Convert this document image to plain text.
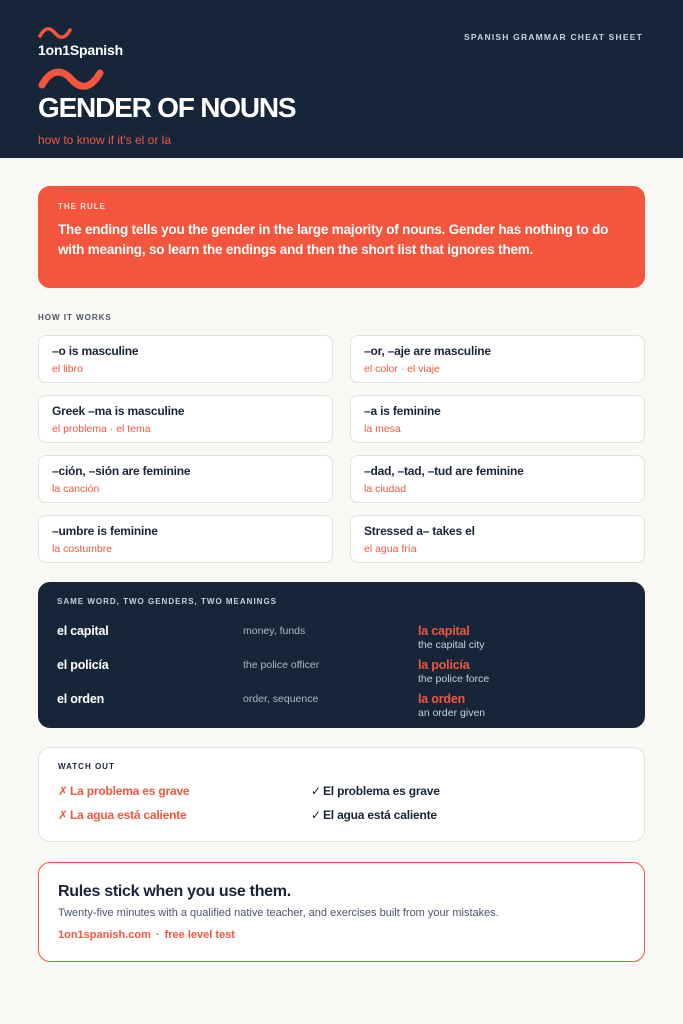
1on1Spanish
SPANISH GRAMMAR CHEAT SHEET
GENDER OF NOUNS
how to know if it's el or la
THE RULE
The ending tells you the gender in the large majority of nouns. Gender has nothing to do with meaning, so learn the endings and then the short list that ignores them.
HOW IT WORKS
–o is masculine
el libro
–or, –aje are masculine
el color · el viaje
Greek –ma is masculine
el problema · el tema
–a is feminine
la mesa
–ción, –sión are feminine
la canción
–dad, –tad, –tud are feminine
la ciudad
–umbre is feminine
la costumbre
Stressed a– takes el
el agua fría
SAME WORD, TWO GENDERS, TWO MEANINGS
el capital	money, funds	la capital
the capital city
el policía	the police officer	la policía
the police force
el orden	order, sequence	la orden
an order given
WATCH OUT
✗ La problema es grave	✓ El problema es grave
✗ La agua está caliente	✓ El agua está caliente
Rules stick when you use them.
Twenty-five minutes with a qualified native teacher, and exercises built from your mistakes.
1on1spanish.com · free level test
